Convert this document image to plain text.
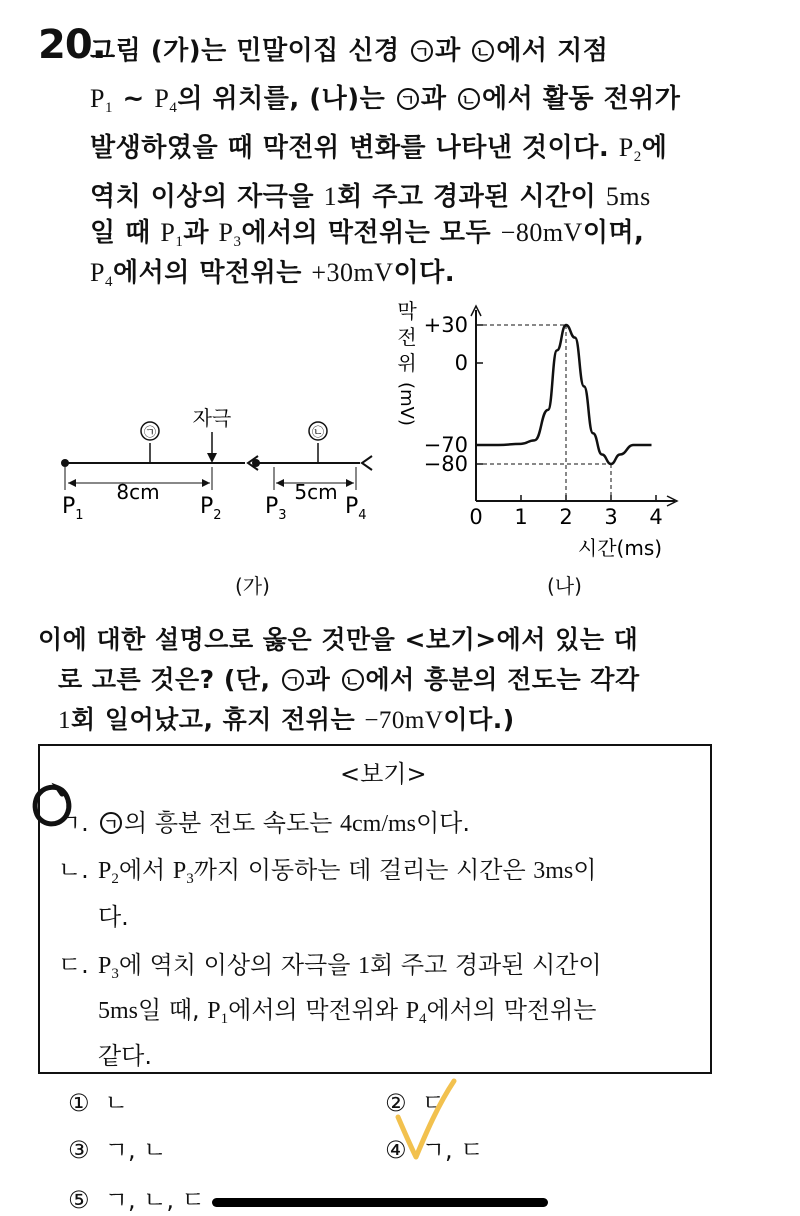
20.
그림 (가)는 민말이집 신경 ㄱ 과 ㄴ 에서 지점
$P_1$ ~ $P_4$의 위치를, (나)는 ㄱ 과 ㄴ 에서 활동 전위가
발생하였을 때 막전위 변화를 나타낸 것이다. $P_2$에
역치 이상의 자극을 1회 주고 경과된 시간이 5ms
일 때 $P_1$과 $P_3$에서의 막전위는 모두 −80mV이며,
$P_4$에서의 막전위는 +30mV이다.
㉠
자극
8cm
㉡
5cm
$P_1$	$P_2$ $P_3$	$P_4$
(가)
막
전
위
(mV)
+30
0
−70
−80
0 1 2 3 4
시간(ms)
(나)
이에 대한 설명으로 옳은 것만을 <보기>에서 있는 대
로 고른 것은? (단, ㄱ 과 ㄴ 에서 흥분의 전도는 각각
1회 일어났고, 휴지 전위는 −70mV이다.)
<보기>
ㄱ. ㄱ 의 흥분 전도 속도는 4cm/ms이다.
ㄴ. $P_2$에서 $P_3$까지 이동하는 데 걸리는 시간은 3ms이
다.
ㄷ. $P_3$에 역치 이상의 자극을 1회 주고 경과된 시간이
5ms일 때, $P_1$에서의 막전위와 $P_4$에서의 막전위는
같다.
① ㄴ	② ㄷ
③ ㄱ, ㄴ	④ ㄱ, ㄷ
⑤ ㄱ, ㄴ, ㄷ
